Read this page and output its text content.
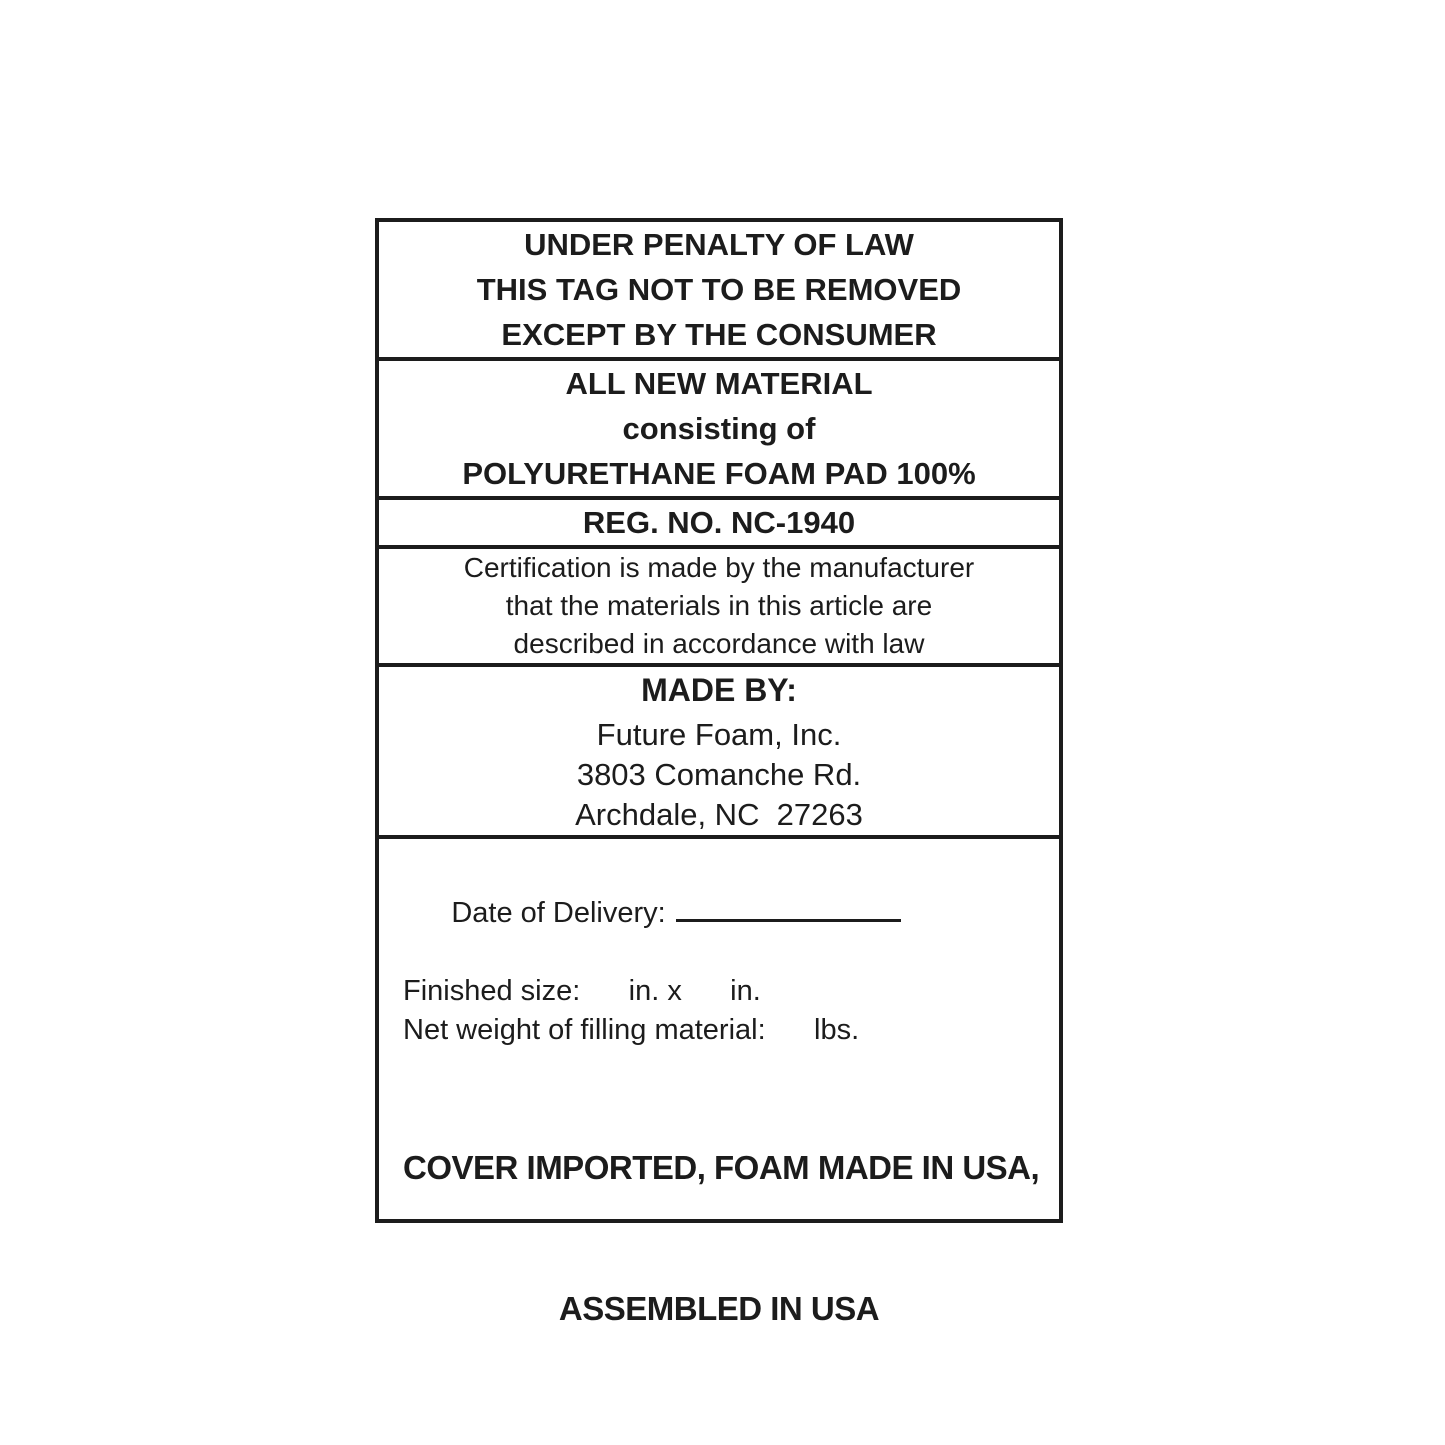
UNDER PENALTY OF LAW
THIS TAG NOT TO BE REMOVED
EXCEPT BY THE CONSUMER
ALL NEW MATERIAL
consisting of
POLYURETHANE FOAM PAD 100%
REG. NO. NC-1940
Certification is made by the manufacturer
that the materials in this article are
described in accordance with law
MADE BY:
Future Foam, Inc.
3803 Comanche Rd.
Archdale, NC  27263

Date of Delivery:

Finished size:      in. x      in.
Net weight of filling material:      lbs.

COVER IMPORTED, FOAM MADE IN USA,

ASSEMBLED IN USA
